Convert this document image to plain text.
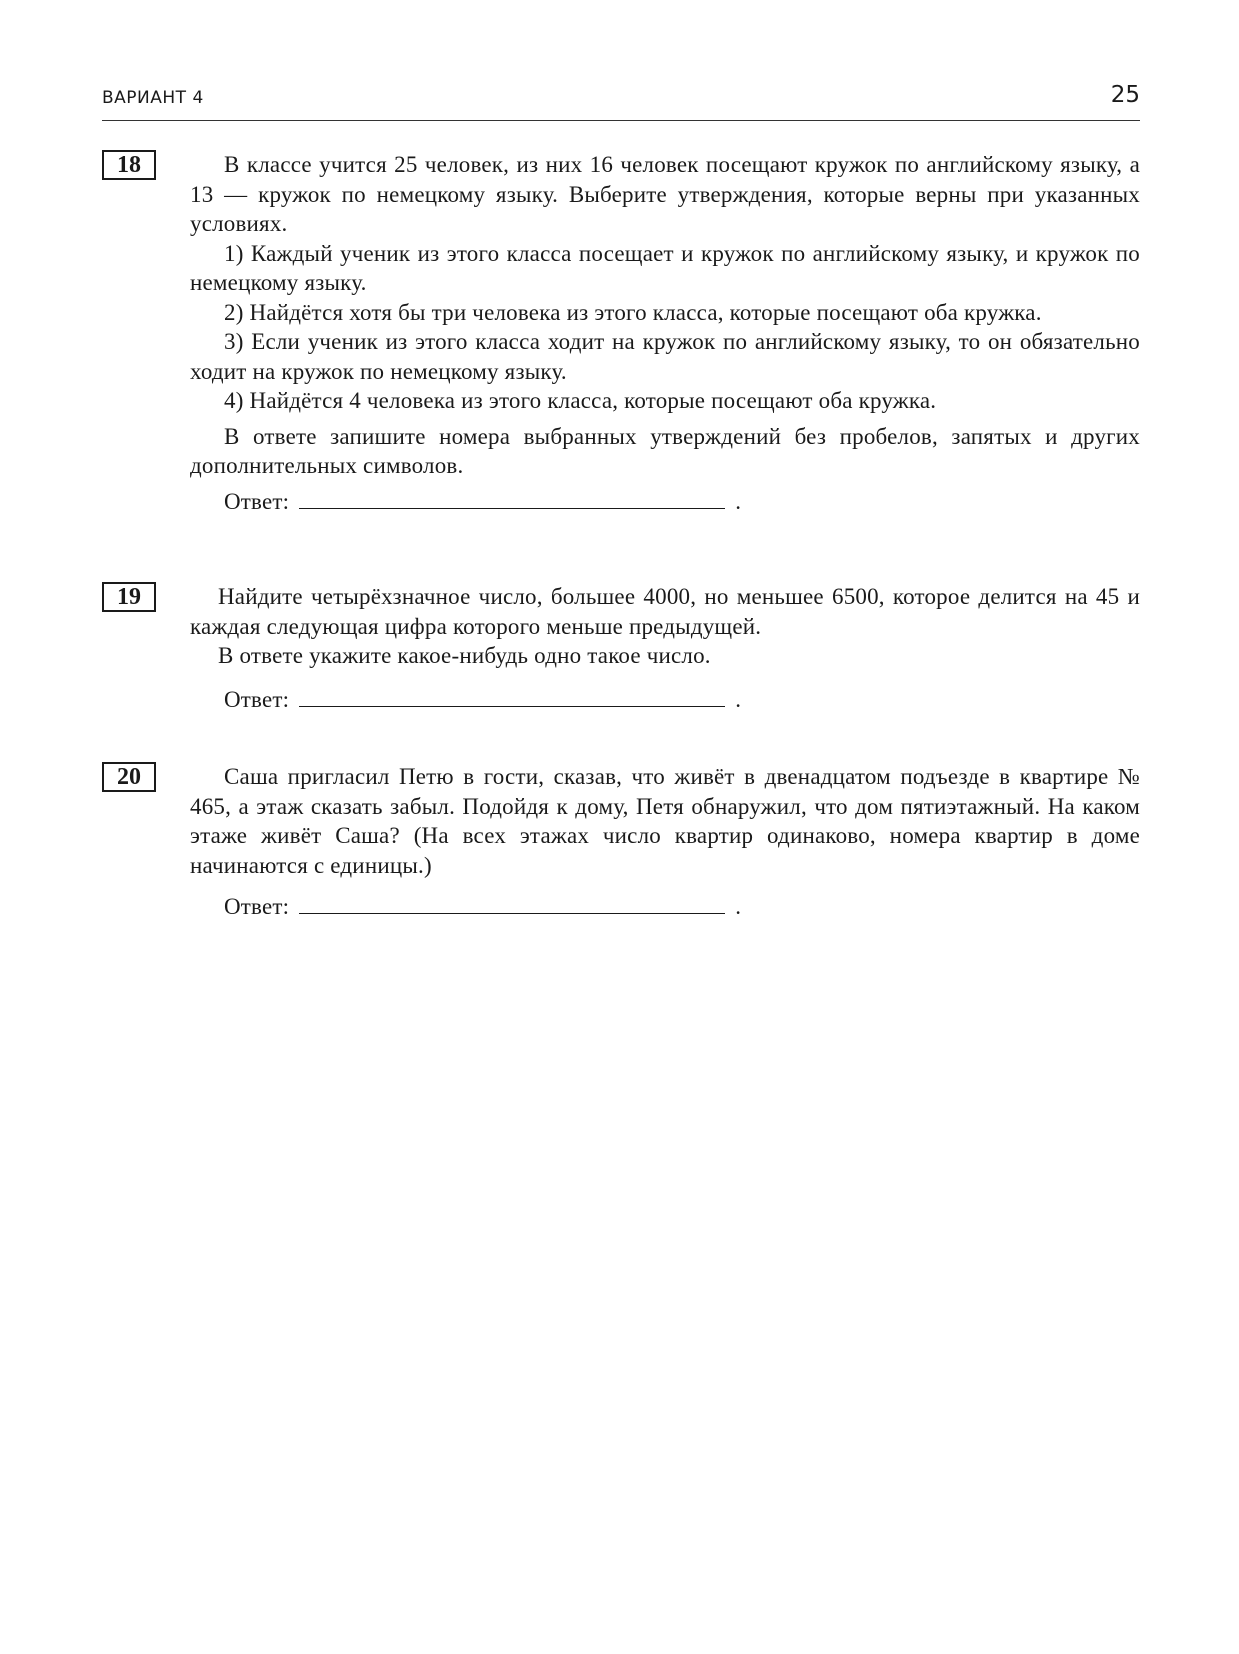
ВАРИАНТ 4	25
18	В классе учится 25 человек, из них 16 человек посещают кружок по английскому языку, а 13 — кружок по немецкому языку. Выберите утверждения, которые верны при указанных условиях.

1) Каждый ученик из этого класса посещает и кружок по английскому языку, и кружок по немецкому языку.

2) Найдётся хотя бы три человека из этого класса, которые посещают оба кружка.

3) Если ученик из этого класса ходит на кружок по английскому языку, то он обязательно ходит на кружок по немецкому языку.

4) Найдётся 4 человека из этого класса, которые посещают оба кружка.

В ответе запишите номера выбранных утверждений без пробелов, запятых и других дополнительных символов.

Ответ:	.
19	Найдите четырёхзначное число, большее 4000, но меньшее 6500, которое делится на 45 и каждая следующая цифра которого меньше предыдущей.

В ответе укажите какое-нибудь одно такое число.

Ответ:	.
20	Саша пригласил Петю в гости, сказав, что живёт в двенадцатом подъезде в квартире № 465, а этаж сказать забыл. Подойдя к дому, Петя обнаружил, что дом пятиэтажный. На каком этаже живёт Саша? (На всех этажах число квартир одинаково, номера квартир в доме начинаются с единицы.)

Ответ:	.
